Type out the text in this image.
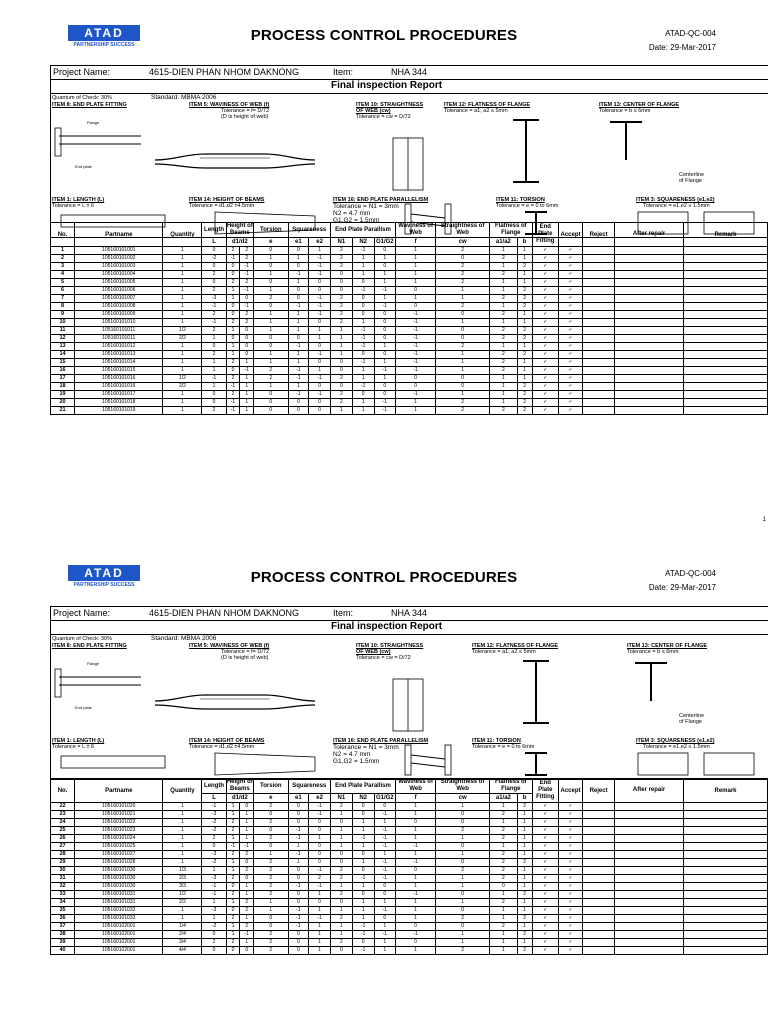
ATAD
PARTNERSHIP SUCCESS
PROCESS CONTROL PROCEDURES	ATAD-QC-004
Date: 29-Mar-2017
Project Name:	4615-DIEN PHAN NHOM DAKNONG	Item:	NHA 344
Final inspection Report
Quantum of Check: 30%	Standard: MBMA 2006
ITEM 8: END PLATE FITTING
Flange
End plate
ITEM 5: WAVINESS OF WEB (f)
Tolerance = f= D/72
(D is height of web)
ITEM 10: STRAIGHTNESS
OF WEB (cw)
Tolerance = cw = D/72
ITEM 12: FLATNESS OF FLANGE
Tolerance = a1, a2 ≤ 5mm
ITEM 13: CENTER OF FLANGE
Tolerance = b ≤ 6mm
Centerline
of Flange
ITEM 1: LENGTH (L)
Tolerance = L ± 6
ITEM 14: HEIGHT OF BEAMS
Tolerance = d1,d2 ±4.5mm
ITEM 16: END PLATE PARALLELISM
Tolerance = N1 = 3mm
N2 = 4.7 mm
G1,G2 = 1.5mm
ITEM 11: TORSION
Tolerance = e = 0 to 6mm
ITEM 3: SQUARENESS (e1,e2)
Tolerance = e1,e2 ≤ 1.5mm
No.	Partname	Quantity	Length	Height of Beams		Torsion	Squareness		End Plate Parallism			Waviness of Web	Straightness of Web	Flatness of Flange		End Plate Fitting	Accept	Reject	After repair	Remark
			L	d1/d2		e	e1	e2	N1	N2	G1/G2	f	cw	a1/a2	b					
1	105160101001	1	0	2	2	0	0	1	2	-1	0	1	2	1	1	✓	✓			
2	105160101002	1	-2	-1	2	1	1	-1	2	1	1	1	0	2	1	✓	✓			
3	105160101003	1	0	0	-1	0	0	-1	2	1	0	1	2	1	2	✓	✓			
4	105160101004	1	2	0	-1	1	-1	-1	0	1	1	1	2	2	1	✓	✓			
5	105160101005	1	0	2	2	0	1	0	0	0	1	1	2	1	1	✓	✓			
6	105160101006	1	2	1	-1	1	0	0	0	-1	-1	0	1	1	2	✓	✓			
7	105160101007	1	-3	1	0	2	0	-1	2	0	1	1	1	2	2	✓	✓			
8	105160101008	1	-1	0	-1	0	-1	-1	2	0	-1	0	2	1	2	✓	✓			
9	105160101009	1	2	0	2	1	1	-1	2	0	0	-1	0	2	1	✓	✓			
10	105160101010	1	-1	2	2	1	1	0	2	1	0	-1	1	1	1	✓	✓			
11	105160101011	1/2	2	1	0	1	1	1	1	-1	0	-1	0	2	2	✓	✓			
12	105160101011	2/2	1	0	0	0	0	1	1	-1	0	-1	0	2	2	✓	✓			
13	105160101012	1	0	1	0	0	-1	0	1	-1	1	-1	2	1	1	✓	✓			
14	105160101013	1	2	1	0	1	1	-1	1	0	0	-1	1	2	2	✓	✓			
15	105160101014	1	1	2	1	1	1	0	0	-1	1	-1	1	2	1	✓	✓			
16	105160101015	1	1	0	-1	2	-1	1	0	1	-1	-1	1	2	1	✓	✓			
17	105160101016	1/2	-1	2	1	2	-1	-1	2	1	1	0	0	1	1	✓	✓			
18	105160101016	2/2	1	-1	1	1	1	0	0	-1	0	0	0	1	2	✓	✓			
19	105160101017	1	0	2	1	0	-1	-1	2	0	0	-1	1	1	2	✓	✓			
20	105160101018	1	0	-1	1	0	0	0	2	1	-1	1	2	1	2	✓	✓			
21	105160101019	1	2	-1	1	0	0	0	1	1	-1	1	2	2	2	✓	✓			
1
ATAD
PARTNERSHIP SUCCESS	PROCESS CONTROL PROCEDURES	ATAD-QC-004
Date: 29-Mar-2017
Project Name:	4615-DIEN PHAN NHOM DAKNONG	Item:	NHA 344
Final inspection Report
Quantum of Check: 30%	Standard: MBMA 2006
ITEM 8: END PLATE FITTING
Flange
End plate
ITEM 5: WAVINESS OF WEB (f)
Tolerance = f= D/72
(D is height of web)
ITEM 10: STRAIGHTNESS
OF WEB (cw)
Tolerance = cw = D/72
ITEM 12: FLATNESS OF FLANGE
Tolerance = a1, a2 ≤ 5mm
ITEM 13: CENTER OF FLANGE
Tolerance = b ≤ 6mm
Centerline
of Flange
ITEM 1: LENGTH (L)
Tolerance = L ± 6
ITEM 14: HEIGHT OF BEAMS
Tolerance = d1,d2 ±4.5mm
ITEM 16: END PLATE PARALLELISM
Tolerance = N1 = 3mm
N2 = 4.7 mm
G1,G2 = 1.5mm
ITEM 11: TORSION
Tolerance = e = 0 to 6mm
ITEM 3: SQUARENESS (e1,e2)
Tolerance = e1,e2 ≤ 1.5mm
No.	Partname	Quantity	Length	Height of Beams		Torsion	Squareness		End Plate Parallism			Waviness of Web	Straightness of Web	Flatness of Flange		End Plate Fitting	Accept	Reject	After repair	Remark
			L	d1/d2		e	e1	e2	N1	N2	G1/G2	f	cw	a1/a2	b					
22	105160101020	1	-1	1	0	2	0	-1	2	0	0	1	1	1	2	✓	✓			
23	105160101021	1	-3	1	1	0	0	-1	1	0	-1	1	0	2	1	✓	✓			
24	105160101022	1	-2	2	1	2	0	0	0	1	1	0	0	1	1	✓	✓			
25	105160101023	1	-2	2	1	0	-1	0	1	1	-1	1	2	2	1	✓	✓			
26	105160101024	1	2	1	1	2	-1	1	1	-1	-1	1	1	2	1	✓	✓			
27	105160101025	1	0	-1	-1	0	1	0	1	1	-1	-1	0	1	1	✓	✓			
28	105160101027	1	-3	2	2	1	-1	0	0	0	1	1	1	2	1	✓	✓			
29	105160101028	1	-2	1	0	2	1	0	0	1	-1	-1	0	2	2	✓	✓			
30	105160101030	1/3	1	1	2	2	0	-1	2	0	-1	0	2	2	1	✓	✓			
31	105160101030	2/3	-3	2	0	2	0	2	2	-1	-1	1	1	2	1	✓	✓			
32	105160101030	3/3	-1	0	1	2	-1	-1	1	1	0	1	1	0	1	✓	✓			
33	105160101031	1/2	-1	2	1	2	0	1	2	0	0	-1	0	1	2	✓	✓			
34	105160101031	2/2	1	1	2	1	0	0	0	1	1	1	1	2	1	✓	✓			
35	105160101032	1	-3	0	2	1	-1	1	1	1	-1	1	0	1	1	✓	✓			
36	105160101033	1	1	2	1	0	-1	-1	2	1	0	1	2	1	2	✓	✓			
37	105160102001	1/4	-2	1	2	0	-1	1	1	-1	1	0	0	2	1	✓	✓			
38	105160102001	2/4	0	1	-1	2	0	1	1	-1	-1	-1	1	1	2	✓	✓			
39	105160102001	3/4	2	2	1	2	0	1	2	0	1	0	1	1	1	✓	✓			
40	105160102001	4/4	0	0	0	2	0	1	0	-1	1	1	2	1	2	✓	✓			
